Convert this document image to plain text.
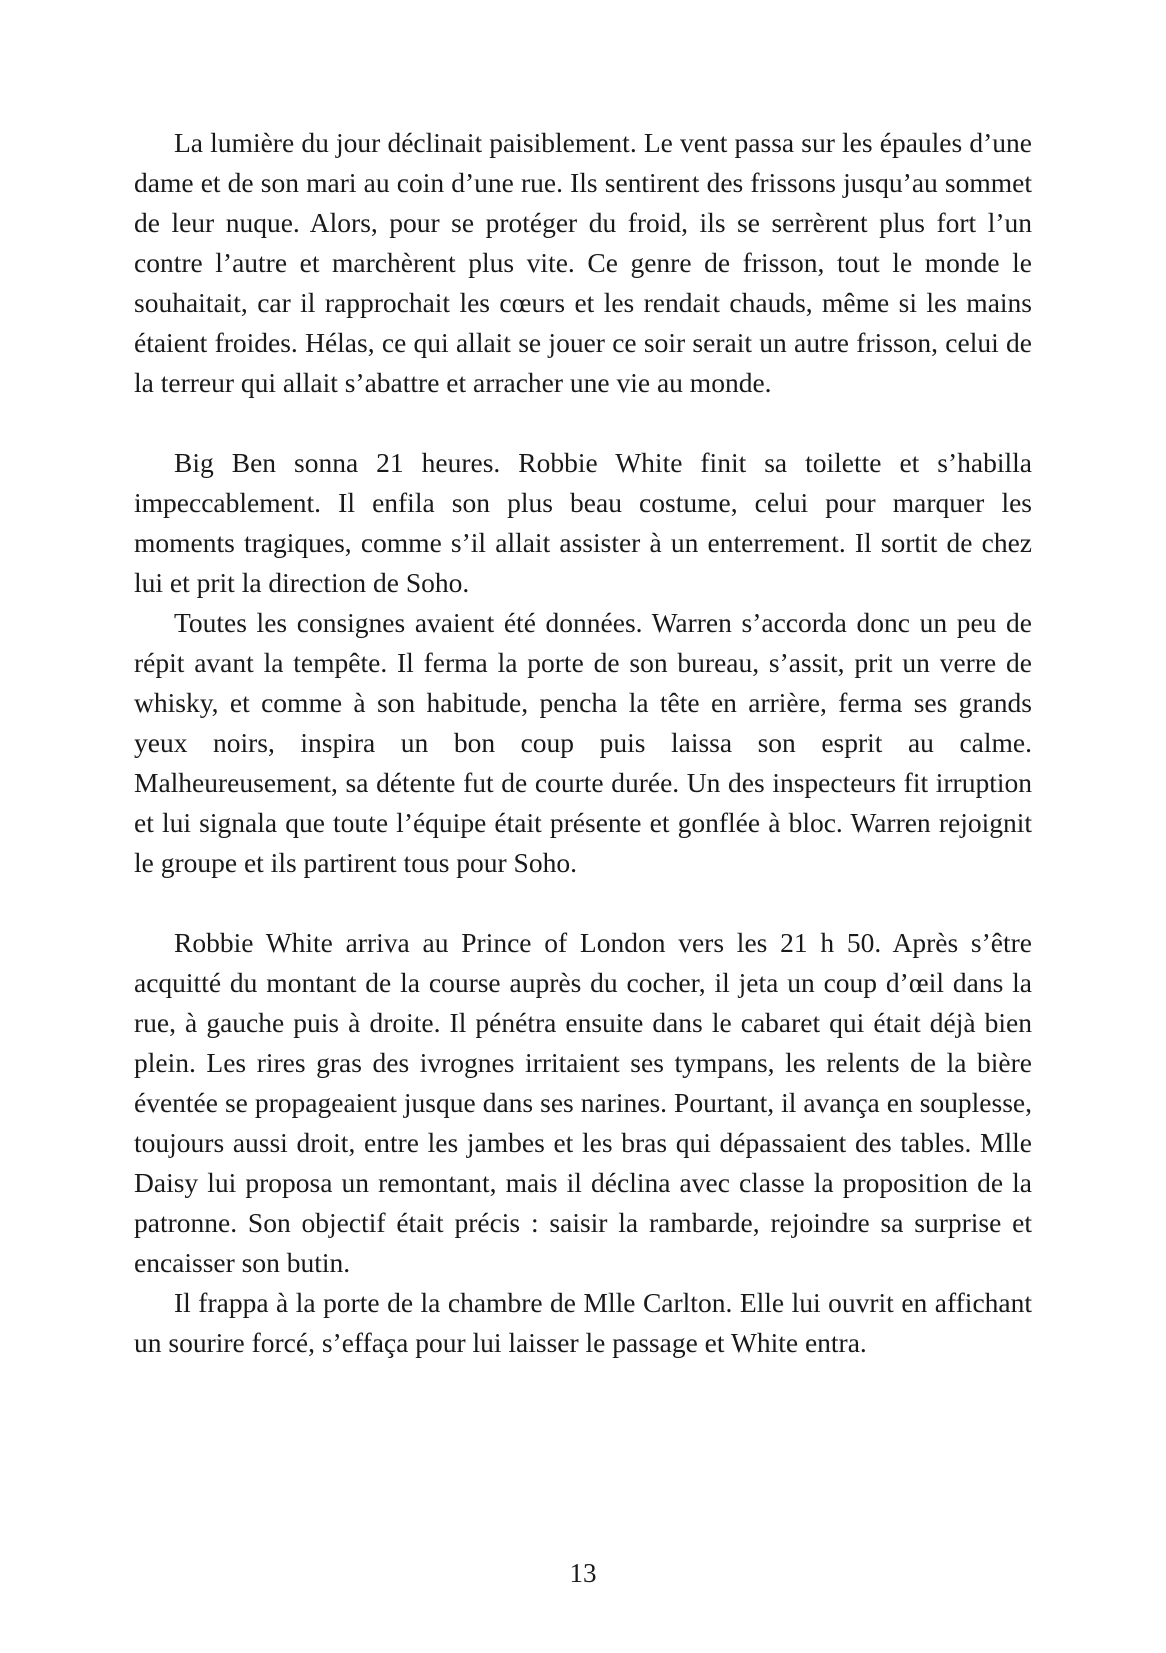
La lumière du jour déclinait paisiblement. Le vent passa sur les épaules d’une dame et de son mari au coin d’une rue. Ils sentirent des frissons jusqu’au sommet de leur nuque. Alors, pour se protéger du froid, ils se serrèrent plus fort l’un contre l’autre et marchèrent plus vite. Ce genre de frisson, tout le monde le souhaitait, car il rapprochait les cœurs et les rendait chauds, même si les mains étaient froides. Hélas, ce qui allait se jouer ce soir serait un autre frisson, celui de la terreur qui allait s’abattre et arracher une vie au monde.

Big Ben sonna 21 heures. Robbie White finit sa toilette et s’habilla impeccablement. Il enfila son plus beau costume, celui pour marquer les moments tragiques, comme s’il allait assister à un enterrement. Il sortit de chez lui et prit la direction de Soho.

Toutes les consignes avaient été données. Warren s’accorda donc un peu de répit avant la tempête. Il ferma la porte de son bureau, s’assit, prit un verre de whisky, et comme à son habitude, pencha la tête en arrière, ferma ses grands yeux noirs, inspira un bon coup puis laissa son esprit au calme. Malheureusement, sa détente fut de courte durée. Un des inspecteurs fit irruption et lui signala que toute l’équipe était présente et gonflée à bloc. Warren rejoignit le groupe et ils partirent tous pour Soho.

Robbie White arriva au Prince of London vers les 21 h 50. Après s’être acquitté du montant de la course auprès du cocher, il jeta un coup d’œil dans la rue, à gauche puis à droite. Il pénétra ensuite dans le cabaret qui était déjà bien plein. Les rires gras des ivrognes irritaient ses tympans, les relents de la bière éventée se propageaient jusque dans ses narines. Pourtant, il avança en souplesse, toujours aussi droit, entre les jambes et les bras qui dépassaient des tables. Mlle Daisy lui proposa un remontant, mais il déclina avec classe la proposition de la patronne. Son objectif était précis : saisir la rambarde, rejoindre sa surprise et encaisser son butin.

Il frappa à la porte de la chambre de Mlle Carlton. Elle lui ouvrit en affichant un sourire forcé, s’effaça pour lui laisser le passage et White entra.

13
